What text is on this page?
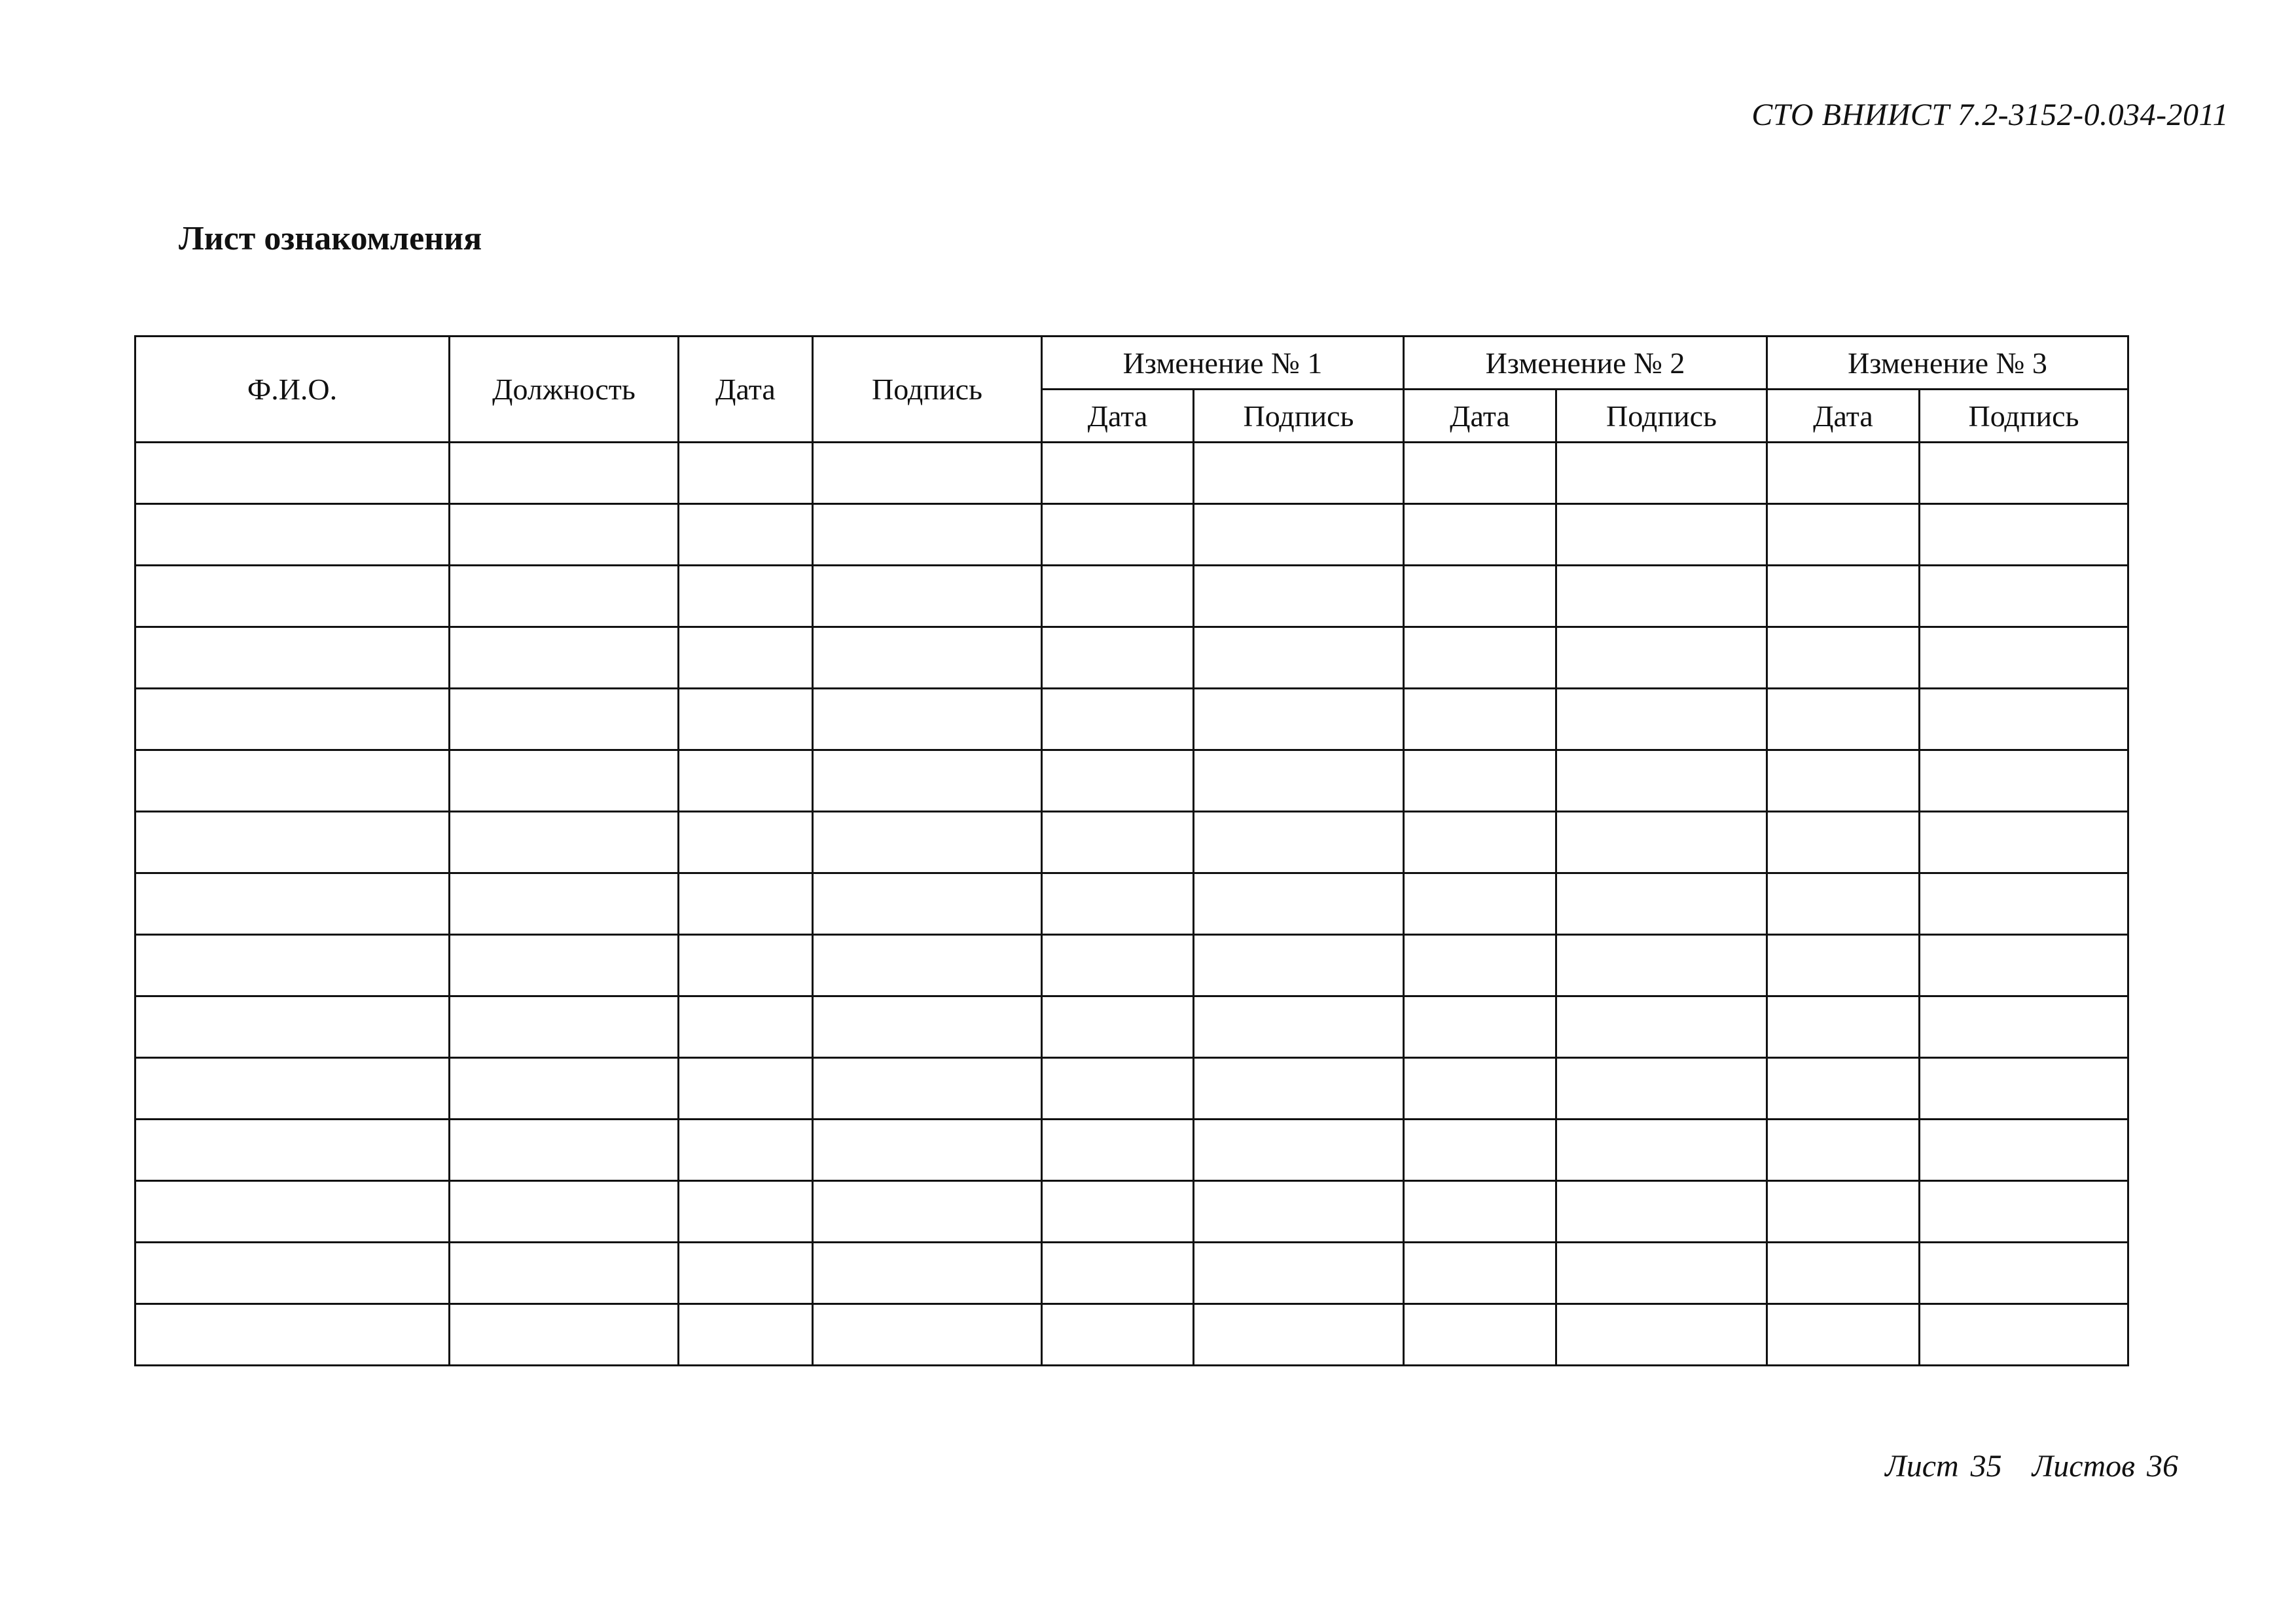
СТО ВНИИСТ 7.2-3152-0.034-2011
Лист ознакомления
Ф.И.О.	Должность	Дата	Подпись	Изменение № 1		Изменение № 2		Изменение № 3	
				Дата	Подпись	Дата	Подпись	Дата	Подпись

Лист 35 Листов 36
